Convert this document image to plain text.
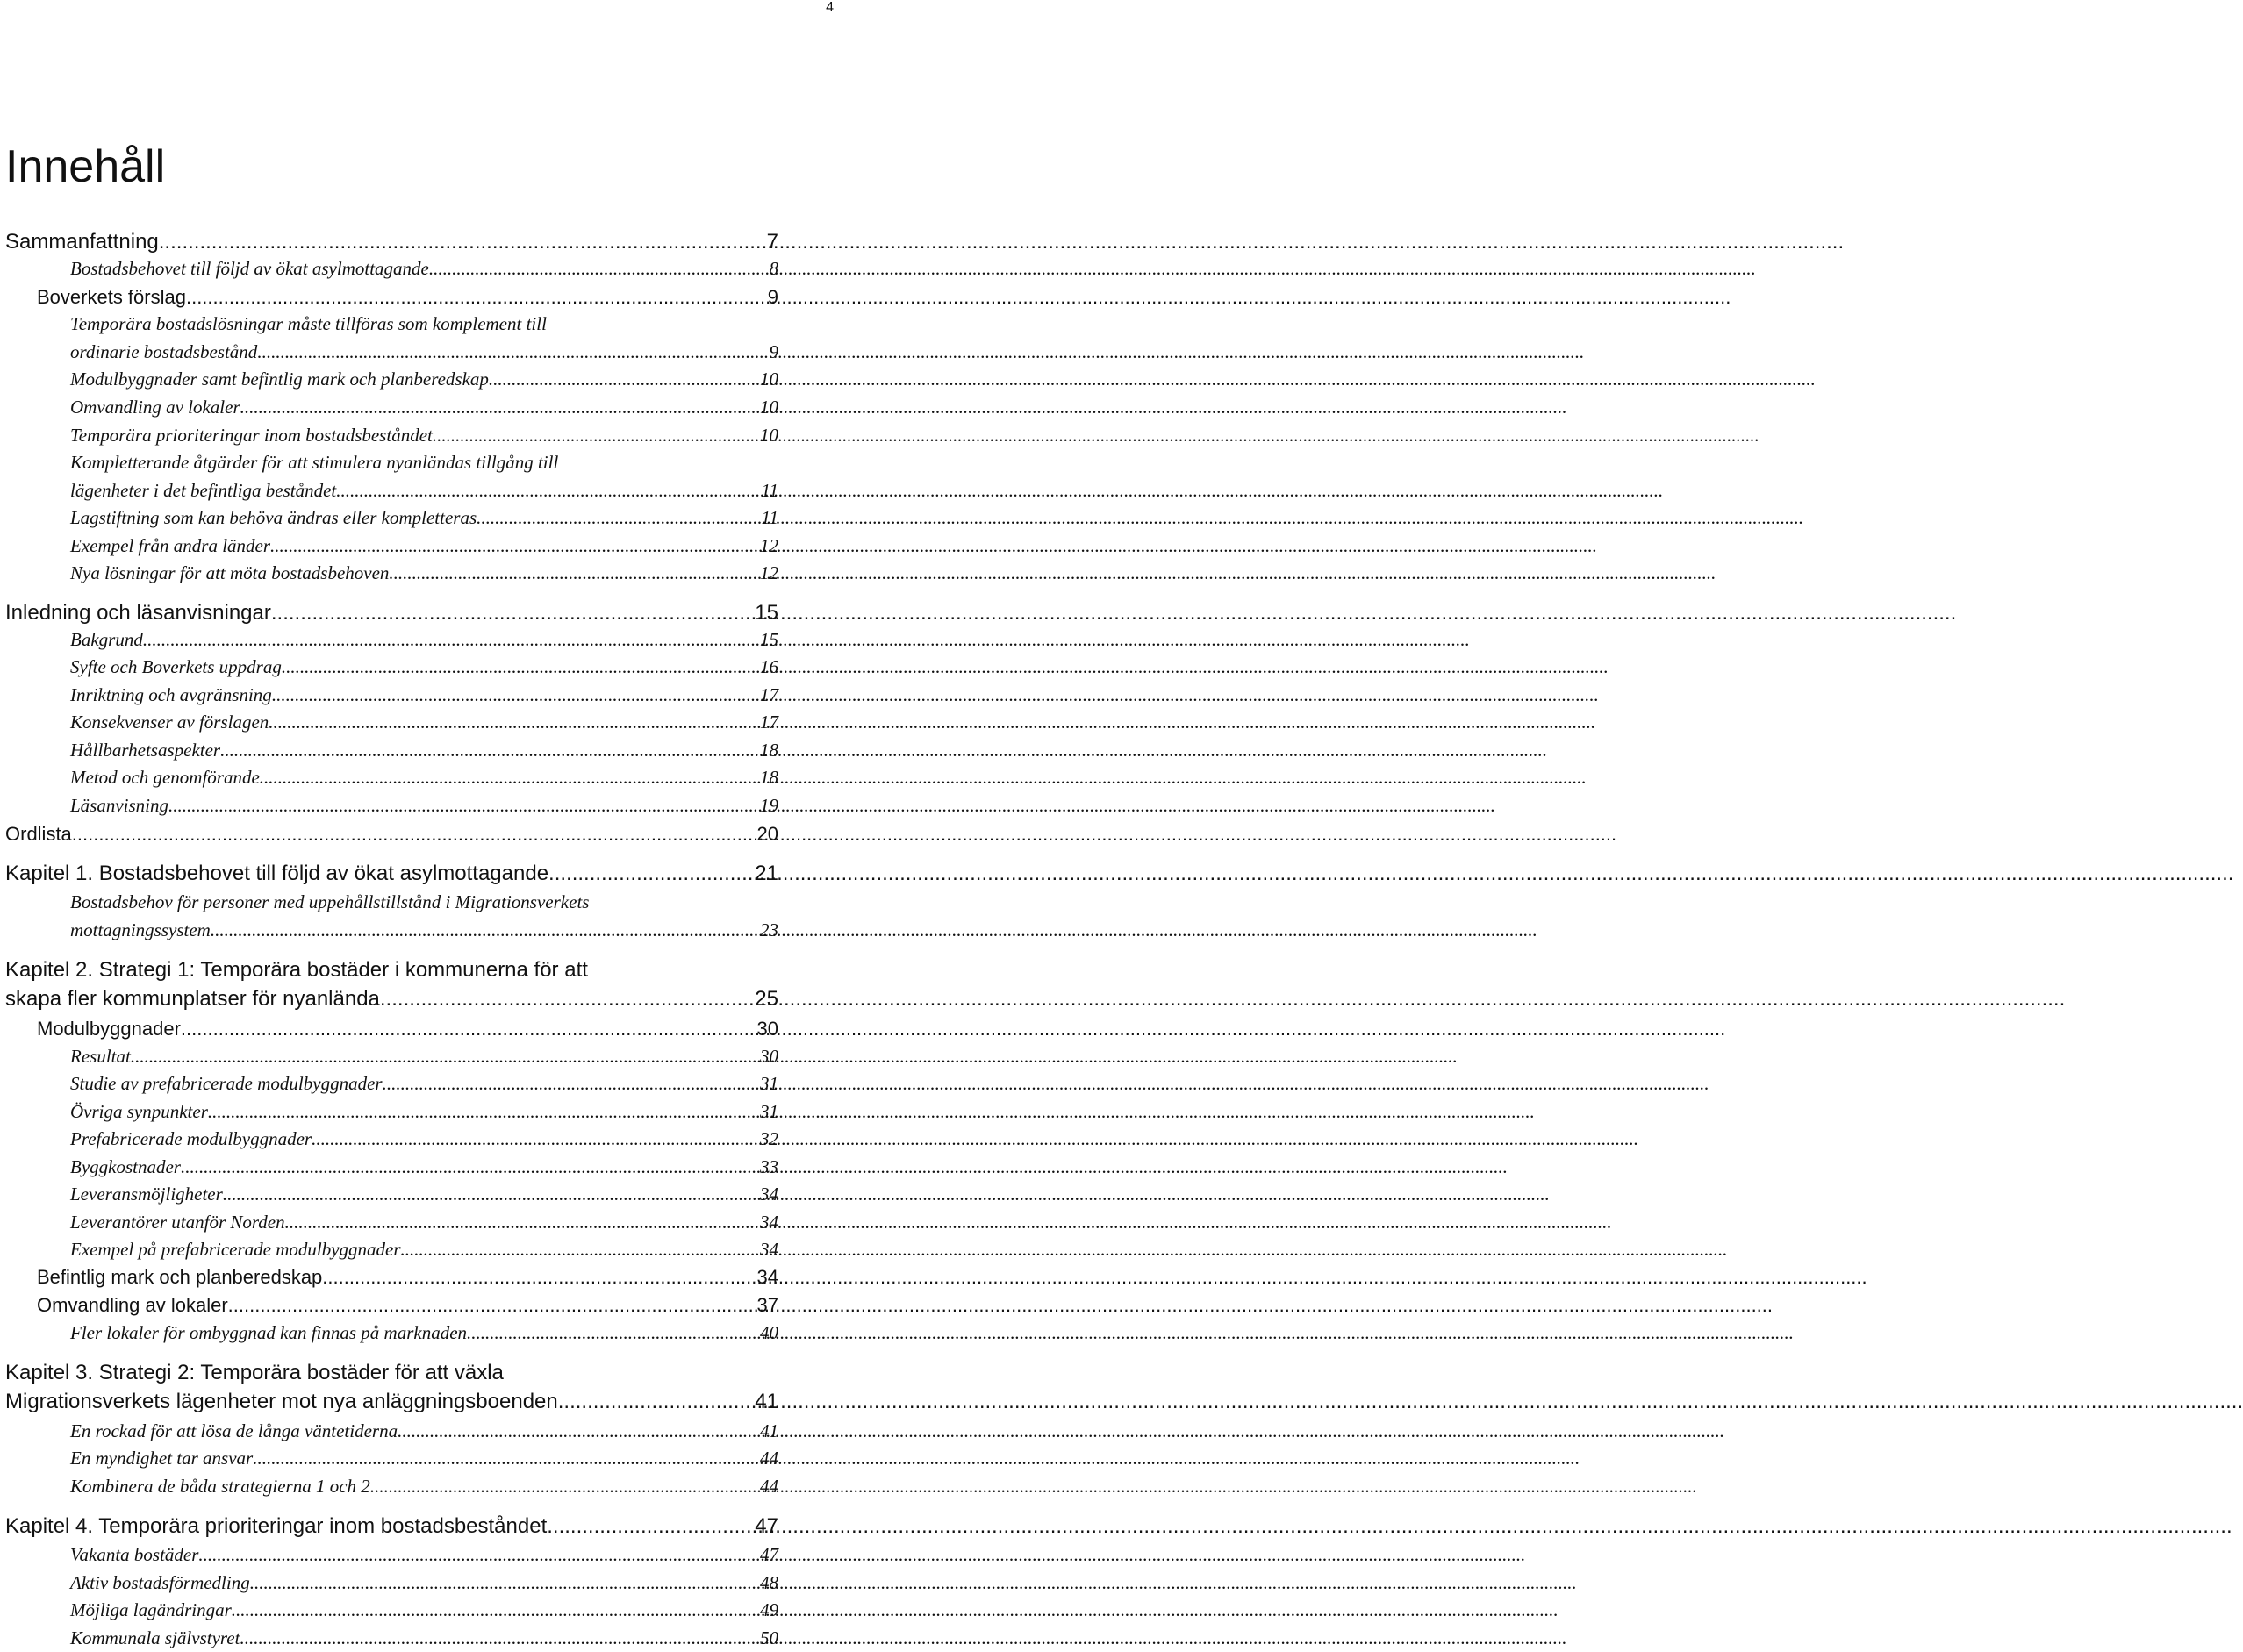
4
Innehåll
Sammanfattning .....	7
Bostadsbehovet till följd av ökat asylmottagande .....	8
Boverkets förslag .....	9
Temporära bostadslösningar måste tillföras som komplement till
ordinarie bostadsbestånd .....	9
Modulbyggnader samt befintlig mark och planberedskap .....	10
Omvandling av lokaler .....	10
Temporära prioriteringar inom bostadsbeståndet .....	10
Kompletterande åtgärder för att stimulera nyanländas tillgång till
lägenheter i det befintliga beståndet .....	11
Lagstiftning som kan behöva ändras eller kompletteras .....	11
Exempel från andra länder .....	12
Nya lösningar för att möta bostadsbehoven .....	12
Inledning och läsanvisningar .....	15
Bakgrund .....	15
Syfte och Boverkets uppdrag .....	16
Inriktning och avgränsning .....	17
Konsekvenser av förslagen .....	17
Hållbarhetsaspekter .....	18
Metod och genomförande .....	18
Läsanvisning .....	19
Ordlista .....	20
Kapitel 1. Bostadsbehovet till följd av ökat asylmottagande .....	21
Bostadsbehov för personer med uppehållstillstånd i Migrationsverkets
mottagningssystem .....	23
Kapitel 2. Strategi 1: Temporära bostäder i kommunerna för att
skapa fler kommunplatser för nyanlända .....	25
Modulbyggnader .....	30
Resultat .....	30
Studie av prefabricerade modulbyggnader .....	31
Övriga synpunkter .....	31
Prefabricerade modulbyggnader .....	32
Byggkostnader .....	33
Leveransmöjligheter .....	34
Leverantörer utanför Norden .....	34
Exempel på prefabricerade modulbyggnader .....	34
Befintlig mark och planberedskap .....	34
Omvandling av lokaler .....	37
Fler lokaler för ombyggnad kan finnas på marknaden .....	40
Kapitel 3. Strategi 2: Temporära bostäder för att växla
Migrationsverkets lägenheter mot nya anläggningsboenden .....	41
En rockad för att lösa de långa väntetiderna .....	41
En myndighet tar ansvar .....	44
Kombinera de båda strategierna 1 och 2 .....	44
Kapitel 4. Temporära prioriteringar inom bostadsbeståndet .....	47
Vakanta bostäder .....	47
Aktiv bostadsförmedling .....	48
Möjliga lagändringar .....	49
Kommunala självstyret .....	50
